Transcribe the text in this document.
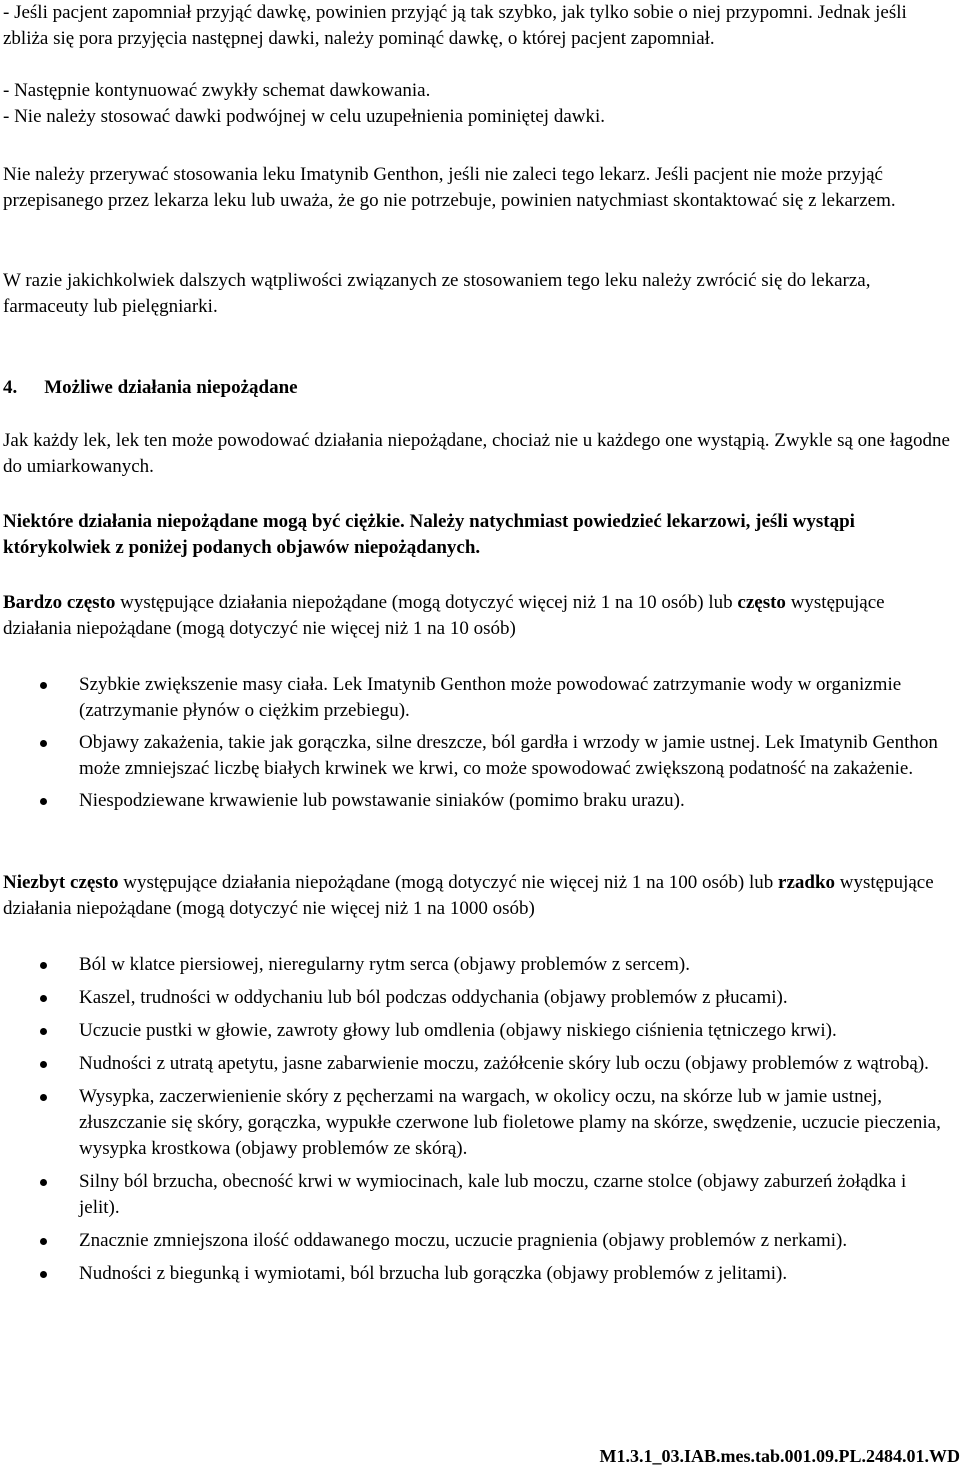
- Jeśli pacjent zapomniał przyjąć dawkę, powinien przyjąć ją tak szybko, jak tylko sobie o niej przypomni. Jednak jeśli zbliża się pora przyjęcia następnej dawki, należy pominąć dawkę, o której pacjent zapomniał.

- Następnie kontynuować zwykły schemat dawkowania.

- Nie należy stosować dawki podwójnej w celu uzupełnienia pominiętej dawki.

Nie należy przerywać stosowania leku Imatynib Genthon, jeśli nie zaleci tego lekarz. Jeśli pacjent nie może przyjąć przepisanego przez lekarza leku lub uważa, że go nie potrzebuje, powinien natychmiast skontaktować się z lekarzem.

W razie jakichkolwiek dalszych wątpliwości związanych ze stosowaniem tego leku należy zwrócić się do lekarza, farmaceuty lub pielęgniarki.

4. Możliwe działania niepożądane

Jak każdy lek, lek ten może powodować działania niepożądane, chociaż nie u każdego one wystąpią. Zwykle są one łagodne do umiarkowanych.

Niektóre działania niepożądane mogą być ciężkie. Należy natychmiast powiedzieć lekarzowi, jeśli wystąpi którykolwiek z poniżej podanych objawów niepożądanych.

Bardzo często występujące działania niepożądane (mogą dotyczyć więcej niż 1 na 10 osób) lub często występujące działania niepożądane (mogą dotyczyć nie więcej niż 1 na 10 osób)

Szybkie zwiększenie masy ciała. Lek Imatynib Genthon może powodować zatrzymanie wody w organizmie (zatrzymanie płynów o ciężkim przebiegu).
Objawy zakażenia, takie jak gorączka, silne dreszcze, ból gardła i wrzody w jamie ustnej. Lek Imatynib Genthon może zmniejszać liczbę białych krwinek we krwi, co może spowodować zwiększoną podatność na zakażenie.
Niespodziewane krwawienie lub powstawanie siniaków (pomimo braku urazu).

Niezbyt często występujące działania niepożądane (mogą dotyczyć nie więcej niż 1 na 100 osób) lub rzadko występujące działania niepożądane (mogą dotyczyć nie więcej niż 1 na 1000 osób)

Ból w klatce piersiowej, nieregularny rytm serca (objawy problemów z sercem).
Kaszel, trudności w oddychaniu lub ból podczas oddychania (objawy problemów z płucami).
Uczucie pustki w głowie, zawroty głowy lub omdlenia (objawy niskiego ciśnienia tętniczego krwi).
Nudności z utratą apetytu, jasne zabarwienie moczu, zażółcenie skóry lub oczu (objawy problemów z wątrobą).
Wysypka, zaczerwienienie skóry z pęcherzami na wargach, w okolicy oczu, na skórze lub w jamie ustnej, złuszczanie się skóry, gorączka, wypukłe czerwone lub fioletowe plamy na skórze, swędzenie, uczucie pieczenia, wysypka krostkowa (objawy problemów ze skórą).
Silny ból brzucha, obecność krwi w wymiocinach, kale lub moczu, czarne stolce (objawy zaburzeń żołądka i jelit).
Znacznie zmniejszona ilość oddawanego moczu, uczucie pragnienia (objawy problemów z nerkami).
Nudności z biegunką i wymiotami, ból brzucha lub gorączka (objawy problemów z jelitami).
M1.3.1_03.IAB.mes.tab.001.09.PL.2484.01.WD
